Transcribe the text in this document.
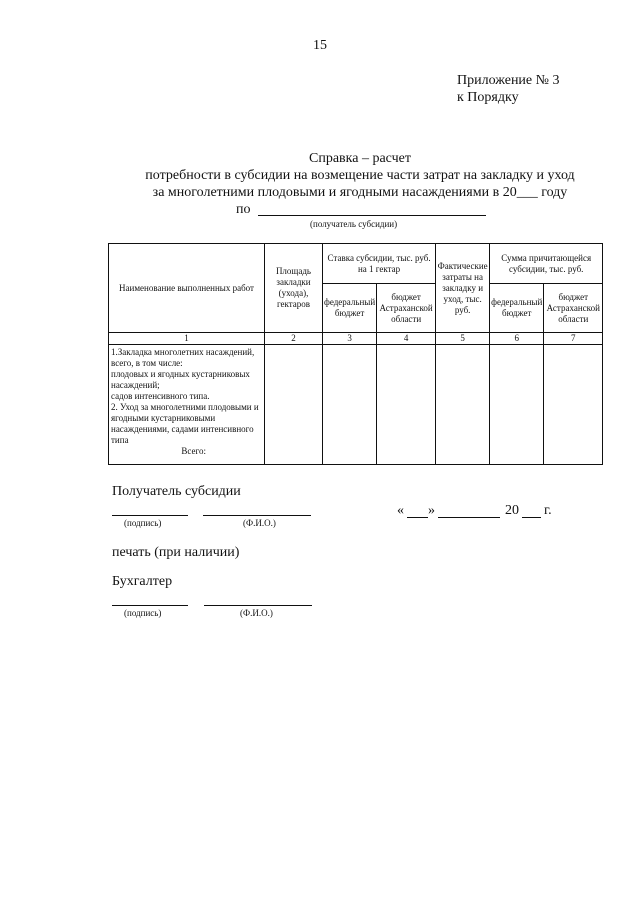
15
Приложение № 3
к Порядку
Справка – расчет
потребности в субсидии на возмещение части затрат на закладку и уход
за многолетними плодовыми и ягодными насаждениями в 20___ году
по
(получатель субсидии)
Наименование выполненных работ	Площадь закладки (ухода), гектаров	Ставка субсидии, тыс. руб. на 1 гектар		Фактические затраты на закладку и уход, тыс. руб.	Сумма причитающейся субсидии, тыс. руб.	
		федеральный бюджет	бюджет Астраханской области		федеральный бюджет	бюджет Астраханской области
1	2	3	4	5	6	7

1.Закладка многолетних насаждений, всего, в том числе:
плодовых и ягодных кустарниковых насаждений;
садов интенсивного типа.
2. Уход за многолетними плодовыми и ягодными кустарниковыми насаждениями, садами интенсивного типа
Всего:						

Получатель субсидии
(подпись)	(Ф.И.О.)
« »	20 г.
печать (при наличии)
Бухгалтер
(подпись)	(Ф.И.О.)
